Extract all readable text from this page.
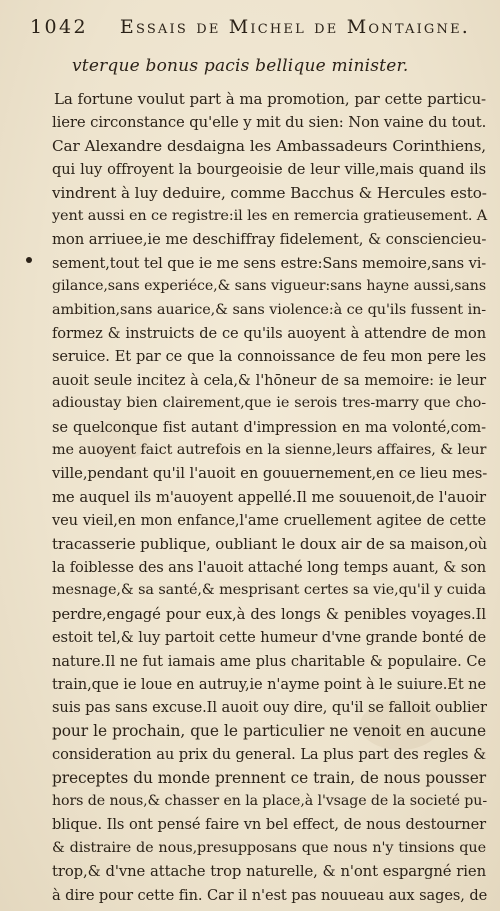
1042 Essais de Michel de Montaigne.
vterque bonus pacis bellique minister.
La fortune voulut part à ma promotion, par cette particu-
liere circonstance qu'elle y mit du sien: Non vaine du tout.
Car Alexandre desdaigna les Ambassadeurs Corinthiens,
qui luy offroyent la bourgeoisie de leur ville,mais quand ils
vindrent à luy deduire, comme Bacchus & Hercules esto-
yent aussi en ce registre:il les en remercia gratieusement. A
mon arriuee,ie me deschiffray fidelement, & consciencieu-
sement,tout tel que ie me sens estre:Sans memoire,sans vi-
gilance,sans experiéce,& sans vigueur:sans hayne aussi,sans
ambition,sans auarice,& sans violence:à ce qu'ils fussent in-
formez & instruicts de ce qu'ils auoyent à attendre de mon
seruice. Et par ce que la connoissance de feu mon pere les
auoit seule incitez à cela,& l'hōneur de sa memoire: ie leur
adioustay bien clairement,que ie serois tres-marry que cho-
se quelconque fist autant d'impression en ma volonté,com-
me auoyent faict autrefois en la sienne,leurs affaires, & leur
ville,pendant qu'il l'auoit en gouuernement,en ce lieu mes-
me auquel ils m'auoyent appellé.Il me souuenoit,de l'auoir
veu vieil,en mon enfance,l'ame cruellement agitee de cette
tracasserie publique, oubliant le doux air de sa maison,où
la foiblesse des ans l'auoit attaché long temps auant, & son
mesnage,& sa santé,& mesprisant certes sa vie,qu'il y cuida
perdre,engagé pour eux,à des longs & penibles voyages.Il
estoit tel,& luy partoit cette humeur d'vne grande bonté de
nature.Il ne fut iamais ame plus charitable & populaire. Ce
train,que ie loue en autruy,ie n'ayme point à le suiure.Et ne
suis pas sans excuse.Il auoit ouy dire, qu'il se falloit oublier
pour le prochain, que le particulier ne venoit en aucune
consideration au prix du general. La plus part des regles &
preceptes du monde prennent ce train, de nous pousser
hors de nous,& chasser en la place,à l'vsage de la societé pu-
blique. Ils ont pensé faire vn bel effect, de nous destourner
& distraire de nous,presupposans que nous n'y tinsions que
trop,& d'vne attache trop naturelle, & n'ont espargné rien
à dire pour cette fin. Car il n'est pas nouueau aux sages, de
